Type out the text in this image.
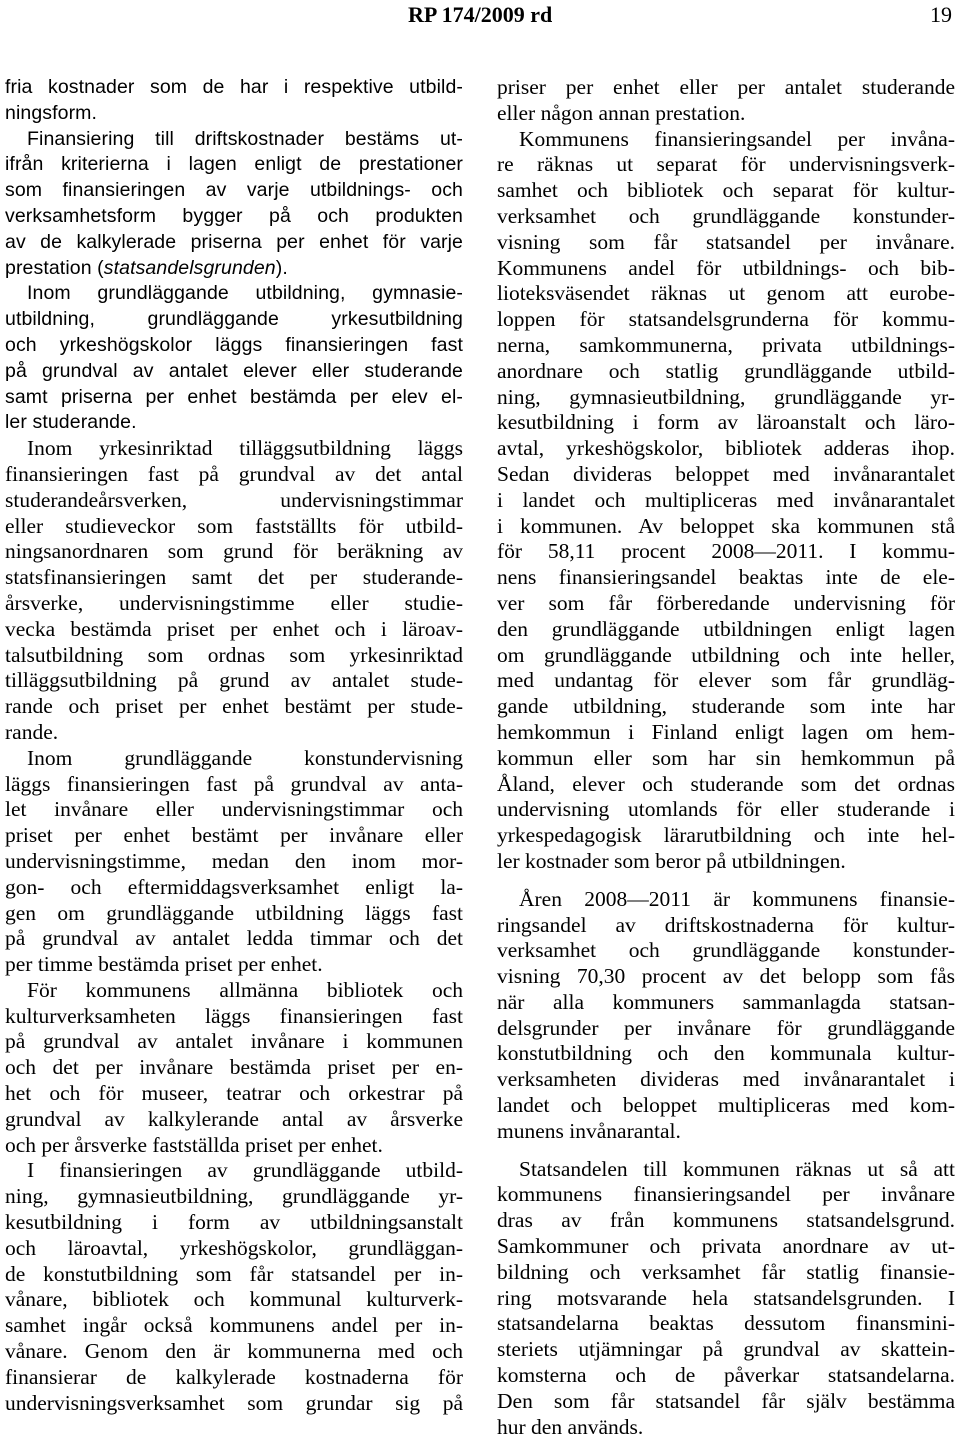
RP 174/2009 rd	19
fria kostnader som de har i respektive utbild-
ningsform.
Finansiering till driftskostnader bestäms ut-
ifrån kriterierna i lagen enligt de prestationer
som finansieringen av varje utbildnings- och
verksamhetsform bygger på och produkten
av de kalkylerade priserna per enhet för varje
prestation (statsandelsgrunden).
Inom grundläggande utbildning, gymnasie-
utbildning, grundläggande yrkesutbildning
och yrkeshögskolor läggs finansieringen fast
på grundval av antalet elever eller studerande
samt priserna per enhet bestämda per elev el-
ler studerande.
Inom yrkesinriktad tilläggsutbildning läggs
finansieringen fast på grundval av det antal
studerandeårsverken, undervisningstimmar
eller studieveckor som fastställts för utbild-
ningsanordnaren som grund för beräkning av
statsfinansieringen samt det per studerande-
årsverke, undervisningstimme eller studie-
vecka bestämda priset per enhet och i läroav-
talsutbildning som ordnas som yrkesinriktad
tilläggsutbildning på grund av antalet stude-
rande och priset per enhet bestämt per stude-
rande.
Inom grundläggande konstundervisning
läggs finansieringen fast på grundval av anta-
let invånare eller undervisningstimmar och
priset per enhet bestämt per invånare eller
undervisningstimme, medan den inom mor-
gon- och eftermiddagsverksamhet enligt la-
gen om grundläggande utbildning läggs fast
på grundval av antalet ledda timmar och det
per timme bestämda priset per enhet.
För kommunens allmänna bibliotek och
kulturverksamheten läggs finansieringen fast
på grundval av antalet invånare i kommunen
och det per invånare bestämda priset per en-
het och för museer, teatrar och orkestrar på
grundval av kalkylerande antal av årsverke
och per årsverke fastställda priset per enhet.
I finansieringen av grundläggande utbild-
ning, gymnasieutbildning, grundläggande yr-
kesutbildning i form av utbildningsanstalt
och läroavtal, yrkeshögskolor, grundläggan-
de konstutbildning som får statsandel per in-
vånare, bibliotek och kommunal kulturverk-
samhet ingår också kommunens andel per in-
vånare. Genom den är kommunerna med och
finansierar de kalkylerade kostnaderna för
undervisningsverksamhet som grundar sig på
priser per enhet eller per antalet studerande
eller någon annan prestation.
Kommunens finansieringsandel per invåna-
re räknas ut separat för undervisningsverk-
samhet och bibliotek och separat för kultur-
verksamhet och grundläggande konstunder-
visning som får statsandel per invånare.
Kommunens andel för utbildnings- och bib-
lioteksväsendet räknas ut genom att eurobe-
loppen för statsandelsgrunderna för kommu-
nerna, samkommunerna, privata utbildnings-
anordnare och statlig grundläggande utbild-
ning, gymnasieutbildning, grundläggande yr-
kesutbildning i form av läroanstalt och läro-
avtal, yrkeshögskolor, bibliotek adderas ihop.
Sedan divideras beloppet med invånarantalet
i landet och multipliceras med invånarantalet
i kommunen. Av beloppet ska kommunen stå
för 58,11 procent 2008—2011. I kommu-
nens finansieringsandel beaktas inte de ele-
ver som får förberedande undervisning för
den grundläggande utbildningen enligt lagen
om grundläggande utbildning och inte heller,
med undantag för elever som får grundläg-
gande utbildning, studerande som inte har
hemkommun i Finland enligt lagen om hem-
kommun eller som har sin hemkommun på
Åland, elever och studerande som det ordnas
undervisning utomlands för eller studerande i
yrkespedagogisk lärarutbildning och inte hel-
ler kostnader som beror på utbildningen.
Åren 2008—2011 är kommunens finansie-
ringsandel av driftskostnaderna för kultur-
verksamhet och grundläggande konstunder-
visning 70,30 procent av det belopp som fås
när alla kommuners sammanlagda statsan-
delsgrunder per invånare för grundläggande
konstutbildning och den kommunala kultur-
verksamheten divideras med invånarantalet i
landet och beloppet multipliceras med kom-
munens invånarantal.
Statsandelen till kommunen räknas ut så att
kommunens finansieringsandel per invånare
dras av från kommunens statsandelsgrund.
Samkommuner och privata anordnare av ut-
bildning och verksamhet får statlig finansie-
ring motsvarande hela statsandelsgrunden. I
statsandelarna beaktas dessutom finansmini-
steriets utjämningar på grundval av skattein-
komsterna och de påverkar statsandelarna.
Den som får statsandel får själv bestämma
hur den används.
